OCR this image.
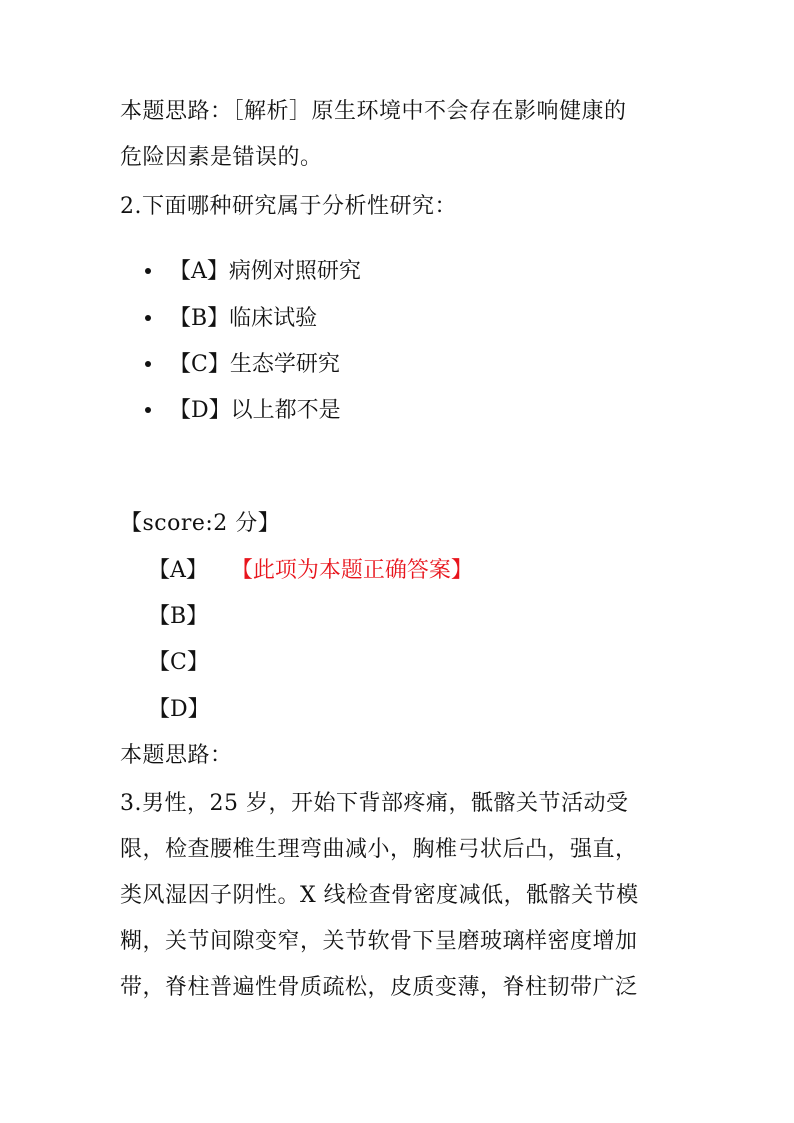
本题思路：［解析］原生环境中不会存在影响健康的
危险因素是错误的。
2.下面哪种研究属于分析性研究：
【A】病例对照研究
【B】临床试验
【C】生态学研究
【D】以上都不是
【score:2 分】
【A】 【此项为本题正确答案】
【B】
【C】
【D】
本题思路：
3.男性，25 岁，开始下背部疼痛，骶髂关节活动受
限，检查腰椎生理弯曲减小，胸椎弓状后凸，强直，
类风湿因子阴性。X 线检查骨密度减低，骶髂关节模
糊，关节间隙变窄，关节软骨下呈磨玻璃样密度增加
带，脊柱普遍性骨质疏松，皮质变薄，脊柱韧带广泛
